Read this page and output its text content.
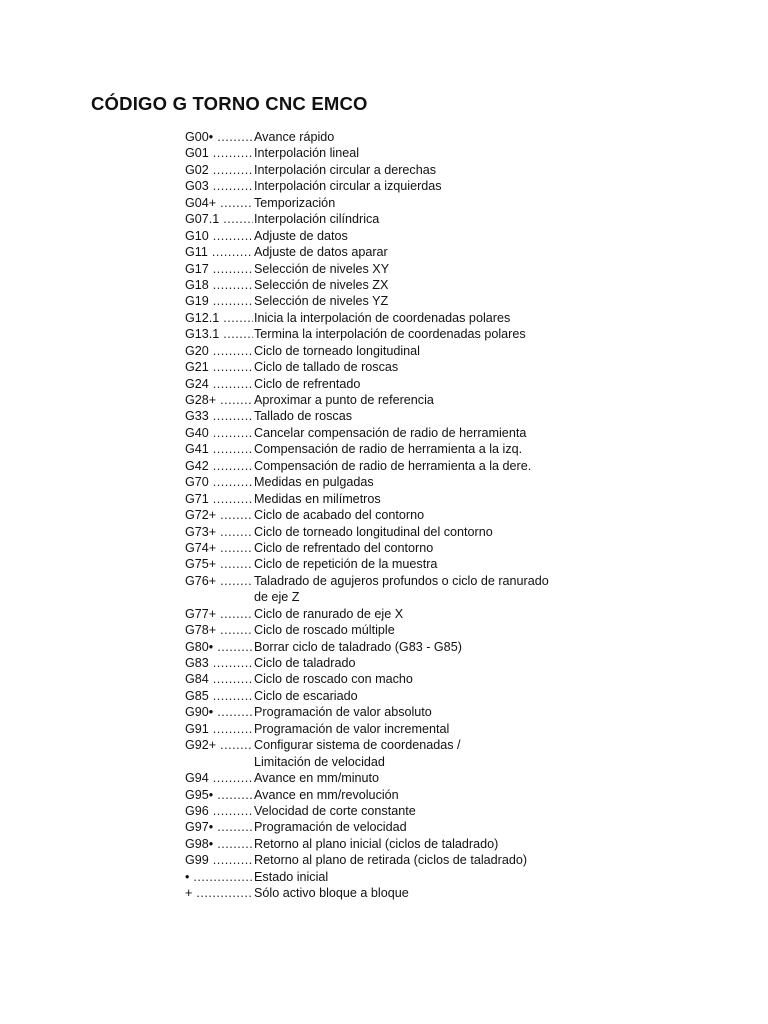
CÓDIGO G TORNO CNC EMCO
G00• .....	Avance rápido
G01 .....	Interpolación lineal
G02 .....	Interpolación circular a derechas
G03 .....	Interpolación circular a izquierdas
G04+ .....	Temporización
G07.1 .....	Interpolación cilíndrica
G10 .....	Adjuste de datos
G11 .....	Adjuste de datos aparar
G17 .....	Selección de niveles XY
G18 .....	Selección de niveles ZX
G19 .....	Selección de niveles YZ
G12.1 .....	Inicia la interpolación de coordenadas polares
G13.1 .....	Termina la interpolación de coordenadas polares
G20 .....	Ciclo de torneado longitudinal
G21 .....	Ciclo de tallado de roscas
G24 .....	Ciclo de refrentado
G28+ .....	Aproximar a punto de referencia
G33 .....	Tallado de roscas
G40 .....	Cancelar compensación de radio de herramienta
G41 .....	Compensación de radio de herramienta a la izq.
G42 .....	Compensación de radio de herramienta a la dere.
G70 .....	Medidas en pulgadas
G71 .....	Medidas en milímetros
G72+ .....	Ciclo de acabado del contorno
G73+ .....	Ciclo de torneado longitudinal del contorno
G74+ .....	Ciclo de refrentado del contorno
G75+ .....	Ciclo de repetición de la muestra
G76+ .....	Taladrado de agujeros profundos o ciclo de ranurado
de eje Z
G77+ .....	Ciclo de ranurado de eje X
G78+ .....	Ciclo de roscado múltiple
G80• .....	Borrar ciclo de taladrado (G83 - G85)
G83 .....	Ciclo de taladrado
G84 .....	Ciclo de roscado con macho
G85 .....	Ciclo de escariado
G90• .....	Programación de valor absoluto
G91 .....	Programación de valor incremental
G92+ .....	Configurar sistema de coordenadas /
Limitación de velocidad
G94 .....	Avance en mm/minuto
G95• .....	Avance en mm/revolución
G96 .....	Velocidad de corte constante
G97• .....	Programación de velocidad
G98• .....	Retorno al plano inicial (ciclos de taladrado)
G99 .....	Retorno al plano de retirada (ciclos de taladrado)
• .....	Estado inicial
+ .....	Sólo activo bloque a bloque
